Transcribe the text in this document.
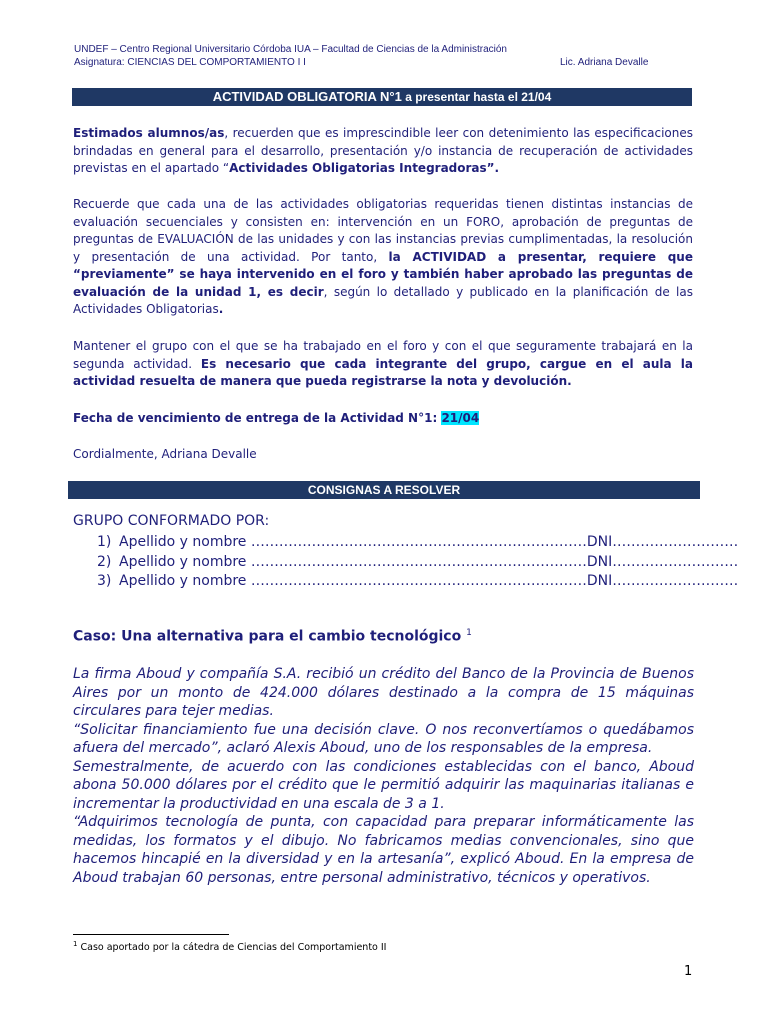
UNDEF – Centro Regional Universitario Córdoba IUA – Facultad de Ciencias de la Administración
Asignatura: CIENCIAS DEL COMPORTAMIENTO I I	Lic. Adriana Devalle
ACTIVIDAD OBLIGATORIA N°1 a presentar hasta el 21/04
Estimados alumnos/as, recuerden que es imprescindible leer con detenimiento las especificaciones brindadas en general para el desarrollo, presentación y/o instancia de recuperación de actividades previstas en el apartado “Actividades Obligatorias Integradoras”.
Recuerde que cada una de las actividades obligatorias requeridas tienen distintas instancias de evaluación secuenciales y consisten en: intervención en un FORO, aprobación de preguntas de preguntas de EVALUACIÓN de las unidades y con las instancias previas cumplimentadas, la resolución y presentación de una actividad. Por tanto, la ACTIVIDAD a presentar, requiere que “previamente” se haya intervenido en el foro y también haber aprobado las preguntas de evaluación de la unidad 1, es decir, según lo detallado y publicado en la planificación de las Actividades Obligatorias.
Mantener el grupo con el que se ha trabajado en el foro y con el que seguramente trabajará en la segunda actividad. Es necesario que cada integrante del grupo, cargue en el aula la actividad resuelta de manera que pueda registrarse la nota y devolución.
Fecha de vencimiento de entrega de la Actividad N°1: 21/04
Cordialmente, Adriana Devalle
CONSIGNAS A RESOLVER
GRUPO CONFORMADO POR:
1) Apellido y nombre ………………………………………………………………DNI………………………
2) Apellido y nombre ………………………………………………………………DNI………………………
3) Apellido y nombre ………………………………………………………………DNI………………………
Caso: Una alternativa para el cambio tecnológico $^1$

La firma Aboud y compañía S.A. recibió un crédito del Banco de la Provincia de Buenos Aires por un monto de 424.000 dólares destinado a la compra de 15 máquinas circulares para tejer medias.

“Solicitar financiamiento fue una decisión clave. O nos reconvertíamos o quedábamos afuera del mercado”, aclaró Alexis Aboud, uno de los responsables de la empresa.

Semestralmente, de acuerdo con las condiciones establecidas con el banco, Aboud abona 50.000 dólares por el crédito que le permitió adquirir las maquinarias italianas e incrementar la productividad en una escala de 3 a 1.

“Adquirimos tecnología de punta, con capacidad para preparar informáticamente las medidas, los formatos y el dibujo. No fabricamos medias convencionales, sino que hacemos hincapié en la diversidad y en la artesanía”, explicó Aboud. En la empresa de Aboud trabajan 60 personas, entre personal administrativo, técnicos y operativos.

$^1$ Caso aportado por la cátedra de Ciencias del Comportamiento II
1
